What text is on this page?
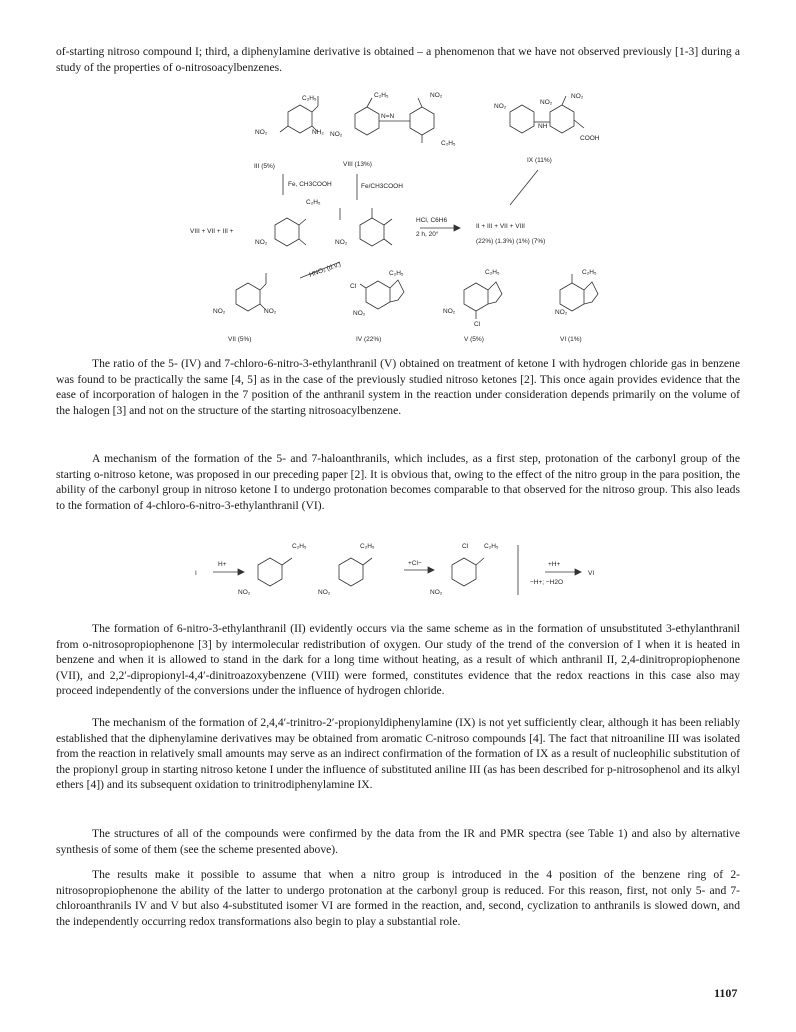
of-starting nitroso compound I; third, a diphenylamine derivative is obtained – a phenomenon that we have not observed previously [1-3] during a study of the properties of o-nitrosoacylbenzenes.

C₂H₅
NO₂	NH₂
C₂H₅
NO₂
N=N
NO₂
C₂H₅
NO₂
NO₂
NO₂
NH
COOH
III (5%)	VIII (13%)
IX (11%)
Fe, CH3COOH	Fe/CH3COOH
C₂H₅
VIII + VII + III +
NO₂	NO₂
HCl, C6H6
2 h, 20°
II + III + VII + VIII
(22%) (1.3%) (1%) (7%)
HNO₂ (d.v.)
NO₂	NO₂
C₂H₅
Cl
NO₂
C₂H₅
NO₂
Cl
C₂H₅
NO₂
VII (5%)	IV (22%)	V (5%)	VI (1%)
I
H+
C₂H₅
NO₂
C₂H₅
NO₂
+Cl−
C₂H₅
Cl
NO₂
+H+
−H+; −H2O
VI

The ratio of the 5- (IV) and 7-chloro-6-nitro-3-ethylanthranil (V) obtained on treatment of ketone I with hydrogen chloride gas in benzene was found to be practically the same [4, 5] as in the case of the previously studied nitroso ketones [2]. This once again provides evidence that the ease of incorporation of halogen in the 7 position of the anthranil system in the reaction under consideration depends primarily on the volume of the halogen [3] and not on the structure of the starting nitrosoacylbenzene.

A mechanism of the formation of the 5- and 7-haloanthranils, which includes, as a first step, protonation of the carbonyl group of the starting o-nitroso ketone, was proposed in our preceding paper [2]. It is obvious that, owing to the effect of the nitro group in the para position, the ability of the carbonyl group in nitroso ketone I to undergo protonation becomes comparable to that observed for the nitroso group. This also leads to the formation of 4-chloro-6-nitro-3-ethylanthranil (VI).

The formation of 6-nitro-3-ethylanthranil (II) evidently occurs via the same scheme as in the formation of unsubstituted 3-ethylanthranil from o-nitrosopropiophenone [3] by intermolecular redistribution of oxygen. Our study of the trend of the conversion of I when it is heated in benzene and when it is allowed to stand in the dark for a long time without heating, as a result of which anthranil II, 2,4-dinitropropiophenone (VII), and 2,2′-dipropionyl-4,4′-dinitroazoxybenzene (VIII) were formed, constitutes evidence that the redox reactions in this case also may proceed independently of the conversions under the influence of hydrogen chloride.

The mechanism of the formation of 2,4,4′-trinitro-2′-propionyldiphenylamine (IX) is not yet sufficiently clear, although it has been reliably established that the diphenylamine derivatives may be obtained from aromatic C-nitroso compounds [4]. The fact that nitroaniline III was isolated from the reaction in relatively small amounts may serve as an indirect confirmation of the formation of IX as a result of nucleophilic substitution of the propionyl group in starting nitroso ketone I under the influence of substituted aniline III (as has been described for p-nitrosophenol and its alkyl ethers [4]) and its subsequent oxidation to trinitrodiphenylamine IX.

The structures of all of the compounds were confirmed by the data from the IR and PMR spectra (see Table 1) and also by alternative synthesis of some of them (see the scheme presented above).

The results make it possible to assume that when a nitro group is introduced in the 4 position of the benzene ring of 2-nitrosopropiophenone the ability of the latter to undergo protonation at the carbonyl group is reduced. For this reason, first, not only 5- and 7-chloroanthranils IV and V but also 4-substituted isomer VI are formed in the reaction, and, second, cyclization to anthranils is slowed down, and the independently occurring redox transformations also begin to play a substantial role.

1107
